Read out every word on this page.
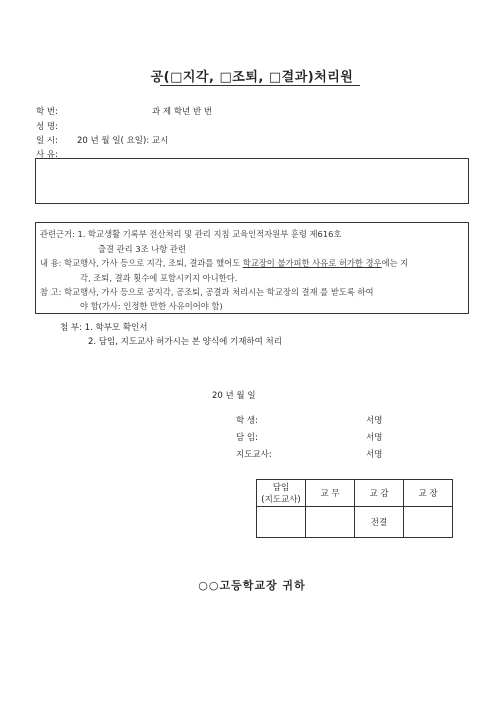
공(□지각, □조퇴, □결과)처리원
학 번:	과 제 학년 반 번
성 명:
일 시: 20 년 월 일( 요일): 교시
사 유:
관련근거: 1. 학교생활 기록부 전산처리 및 관리 지침 교육인적자원부 훈령 제616호
출결 관리 3조 나항 관련
내 용: 학교행사, 가사 등으로 지각, 조퇴, 결과를 했어도 학교장이 불가피한 사유로 허가한 경우에는 지
각, 조퇴, 결과 횟수에 포함시키지 아니한다.
참 고: 학교행사, 가사 등으로 공지각, 공조퇴, 공결과 처리시는 학교장의 결재 를 받도록 하여
야 함(가사: 인정한 만한 사유이어야 함)
첨 부: 1. 학부모 확인서
2. 담임, 지도교사 허가시는 본 양식에 기재하여 처리
20 년 월 일
학 생:	서명
담 임:	서명
지도교사:	서명
담임
(지도교사)	교 무	교 감	교 장
		전결	
○○고등학교장 귀하
